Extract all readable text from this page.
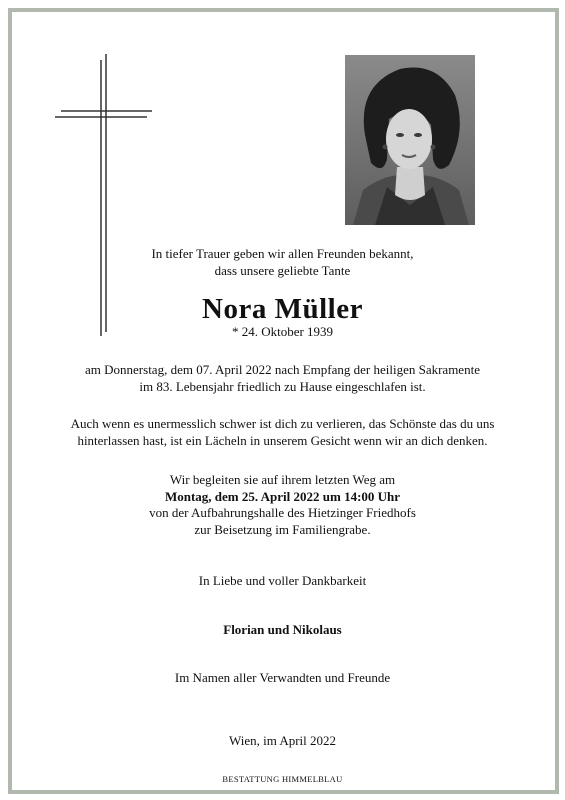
In tiefer Trauer geben wir allen Freunden bekannt,
dass unsere geliebte Tante
Nora Müller
* 24. Oktober 1939
am Donnerstag, dem 07. April 2022 nach Empfang der heiligen Sakramente
im 83. Lebensjahr friedlich zu Hause eingeschlafen ist.
Auch wenn es unermesslich schwer ist dich zu verlieren, das Schönste das du uns
hinterlassen hast, ist ein Lächeln in unserem Gesicht wenn wir an dich denken.
Wir begleiten sie auf ihrem letzten Weg am
Montag, dem 25. April 2022 um 14:00 Uhr
von der Aufbahrungshalle des Hietzinger Friedhofs
zur Beisetzung im Familiengrabe.
In Liebe und voller Dankbarkeit
Florian und Nikolaus
Im Namen aller Verwandten und Freunde
Wien, im April 2022
BESTATTUNG HIMMELBLAU
